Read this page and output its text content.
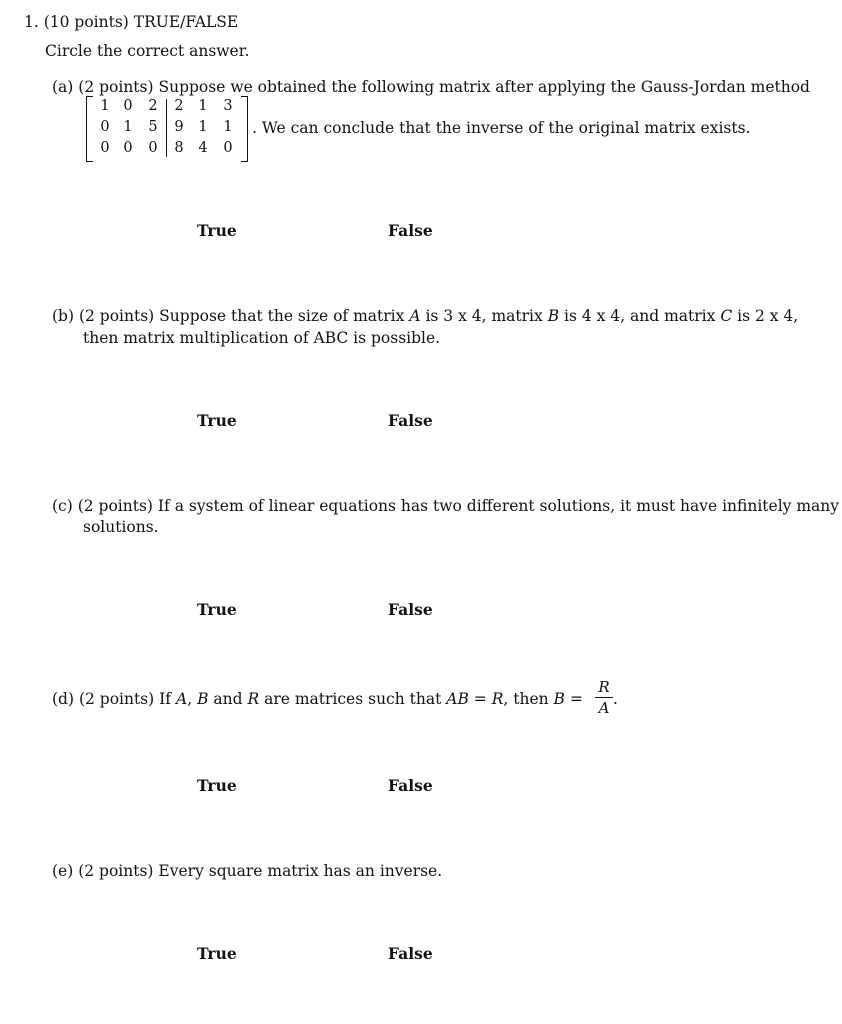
1. (10 points) TRUE/FALSE
Circle the correct answer.
(a) (2 points) Suppose we obtained the following matrix after applying the Gauss-Jordan method
1 0 2 2 1 3
0 1 5 9 1 1
0 0 0 8 4 0
. We can conclude that the inverse of the original matrix exists.
True	False
(b) (2 points) Suppose that the size of matrix A is 3 x 4, matrix B is 4 x 4, and matrix C is 2 x 4,
then matrix multiplication of ABC is possible.
True	False
(c) (2 points) If a system of linear equations has two different solutions, it must have infinitely many
solutions.
True	False
(d) (2 points) If A, B and R are matrices such that AB = R, then B =
R
A .
True	False
(e) (2 points) Every square matrix has an inverse.
True	False
